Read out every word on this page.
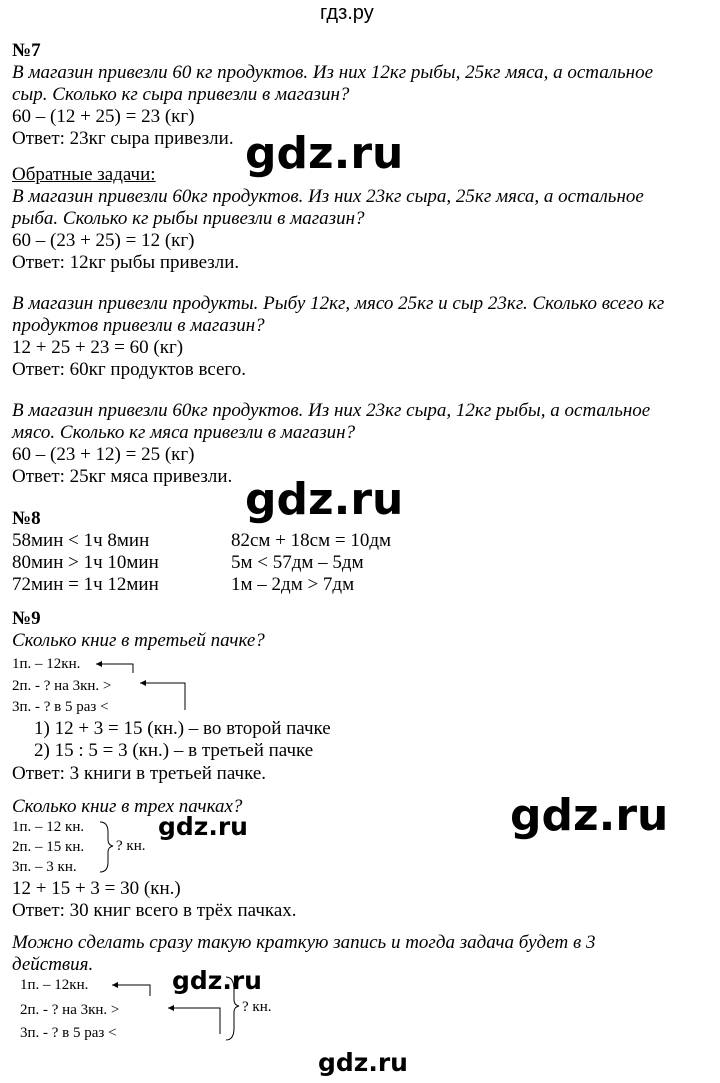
гдз.ру
№7
В магазин привезли 60 кг продуктов. Из них 12кг рыбы, 25кг мяса, а остальное
сыр. Сколько кг сыра привезли в магазин?
60 – (12 + 25) = 23 (кг)
Ответ: 23кг сыра привезли.
Обратные задачи:
В магазин привезли 60кг продуктов. Из них 23кг сыра, 25кг мяса, а остальное
рыба. Сколько кг рыбы привезли в магазин?
60 – (23 + 25) = 12 (кг)
Ответ: 12кг рыбы привезли.
В магазин привезли продукты. Рыбу 12кг, мясо 25кг и сыр 23кг. Сколько всего кг
продуктов привезли в магазин?
12 + 25 + 23 = 60 (кг)
Ответ: 60кг продуктов всего.
В магазин привезли 60кг продуктов. Из них 23кг сыра, 12кг рыбы, а остальное
мясо. Сколько кг мяса привезли в магазин?
60 – (23 + 12) = 25 (кг)
Ответ: 25кг мяса привезли.
№8
58мин < 1ч 8мин
80мин > 1ч 10мин
72мин = 1ч 12мин
82см + 18см = 10дм
5м < 57дм – 5дм
1м – 2дм > 7дм
№9
Сколько книг в третьей пачке?
1п. – 12кн.
2п. - ? на 3кн. >
3п. - ? в 5 раз <
1) 12 + 3 = 15 (кн.) – во второй пачке
2) 15 : 5 = 3 (кн.) – в третьей пачке
Ответ: 3 книги в третьей пачке.
Сколько книг в трех пачках?
1п. – 12 кн.
2п. – 15 кн.
3п. – 3 кн.
? кн.
12 + 15 + 3 = 30 (кн.)
Ответ: 30 книг всего в трёх пачках.
Можно сделать сразу такую краткую запись и тогда задача будет в 3
действия.
1п. – 12кн.
2п. - ? на 3кн. >
3п. - ? в 5 раз <
? кн.
gdz.ru
gdz.ru
gdz.ru
gdz.ru
gdz.ru
gdz.ru
